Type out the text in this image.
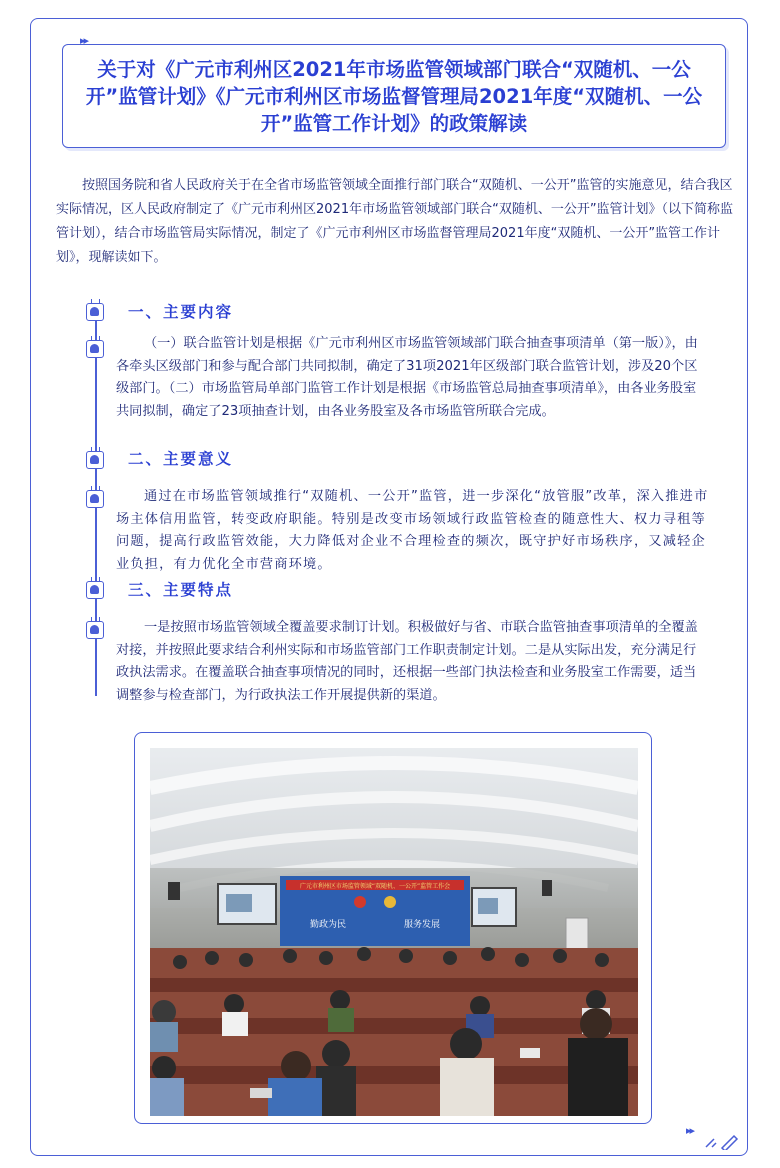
▸▸
关于对《广元市利州区2021年市场监管领域部门联合“双随机、一公开”监管计划》《广元市利州区市场监督管理局2021年度“双随机、一公开”监管工作计划》的政策解读

按照国务院和省人民政府关于在全省市场监管领域全面推行部门联合“双随机、一公开”监管的实施意见，结合我区实际情况，区人民政府制定了《广元市利州区2021年市场监管领域部门联合“双随机、一公开”监管计划》（以下简称监管计划），结合市场监管局实际情况，制定了《广元市利州区市场监督管理局2021年度“双随机、一公开”监管工作计划》，现解读如下。

一、主要内容

（一）联合监管计划是根据《广元市利州区市场监管领域部门联合抽查事项清单（第一版）》，由各牵头区级部门和参与配合部门共同拟制，确定了31项2021年区级部门联合监管计划，涉及20个区级部门。（二）市场监管局单部门监管工作计划是根据《市场监管总局抽查事项清单》，由各业务股室共同拟制，确定了23项抽查计划，由各业务股室及各市场监管所联合完成。

二、主要意义

通过在市场监管领域推行“双随机、一公开”监管，进一步深化“放管服”改革，深入推进市场主体信用监管，转变政府职能。特别是改变市场领域行政监管检查的随意性大、权力寻租等问题，提高行政监管效能，大力降低对企业不合理检查的频次，既守护好市场秩序，又减轻企业负担，有力优化全市营商环境。

三、主要特点

一是按照市场监管领域全覆盖要求制订计划。积极做好与省、市联合监管抽查事项清单的全覆盖对接，并按照此要求结合利州实际和市场监管部门工作职责制定计划。二是从实际出发，充分满足行政执法需求。在覆盖联合抽查事项情况的同时，还根据一些部门执法检查和业务股室工作需要，适当调整参与检查部门，为行政执法工作开展提供新的渠道。

广元市利州区市场监管领域“双随机、一公开”监管工作会
勤政为民	服务发展
▸▸
